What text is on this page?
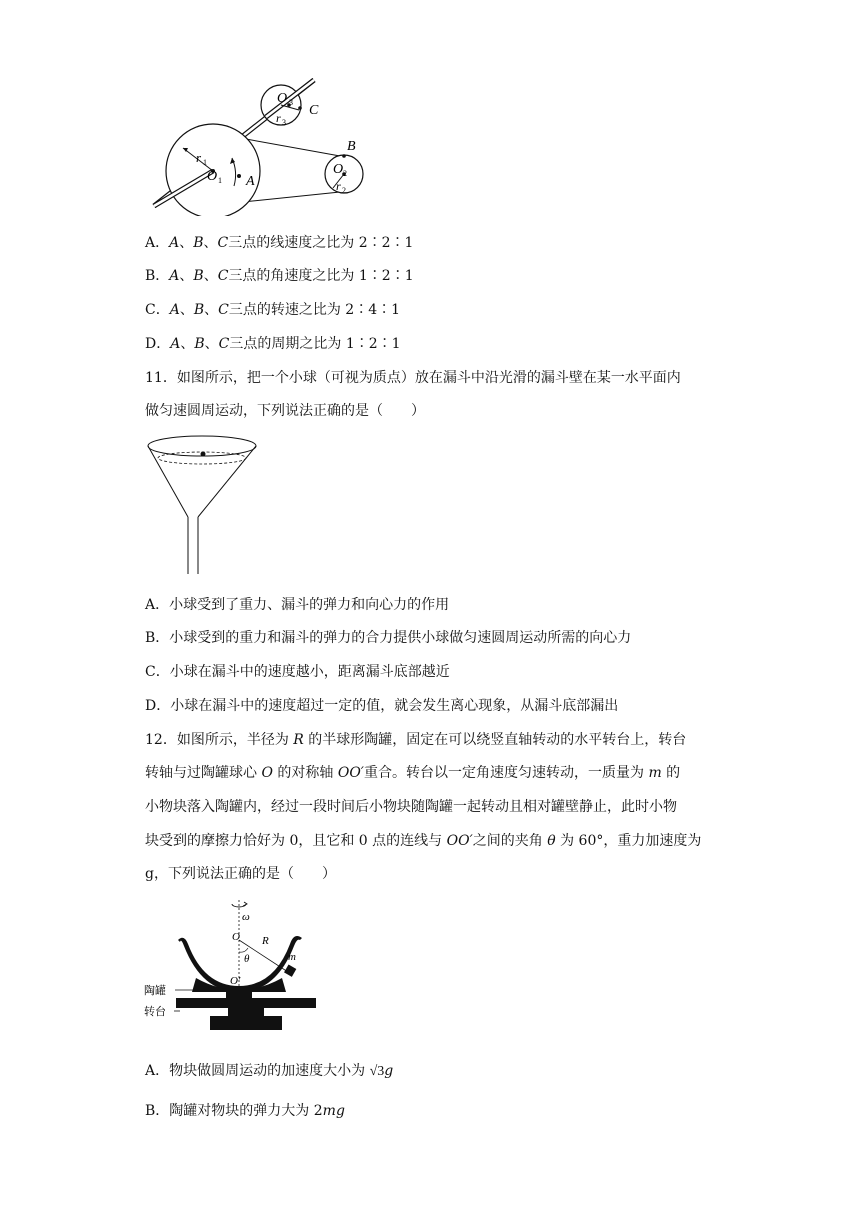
O 3
C
r 3
B
O 2
r 2
r 1
O 1 A
A．A、B、C三点的线速度之比为 2∶2∶1
B．A、B、C三点的角速度之比为 1∶2∶1
C．A、B、C三点的转速之比为 2∶4∶1
D．A、B、C三点的周期之比为 1∶2∶1
11．如图所示，把一个小球（可视为质点）放在漏斗中沿光滑的漏斗壁在某一水平面内
做匀速圆周运动，下列说法正确的是（　　）
A．小球受到了重力、漏斗的弹力和向心力的作用
B．小球受到的重力和漏斗的弹力的合力提供小球做匀速圆周运动所需的向心力
C．小球在漏斗中的速度越小，距离漏斗底部越近
D．小球在漏斗中的速度超过一定的值，就会发生离心现象，从漏斗底部漏出
12．如图所示，半径为 R 的半球形陶罐，固定在可以绕竖直轴转动的水平转台上，转台
转轴与过陶罐球心 O 的对称轴 OO′重合。转台以一定角速度匀速转动，一质量为 m 的
小物块落入陶罐内，经过一段时间后小物块随陶罐一起转动且相对罐壁静止，此时小物
块受到的摩擦力恰好为 0，且它和 0 点的连线与 OO′之间的夹角 θ 为 60°，重力加速度为
g，下列说法正确的是（　　）
ω
O R
m
θ
O′
陶罐
转台
A．物块做圆周运动的加速度大小为 √3g
B．陶罐对物块的弹力大为 2mg
